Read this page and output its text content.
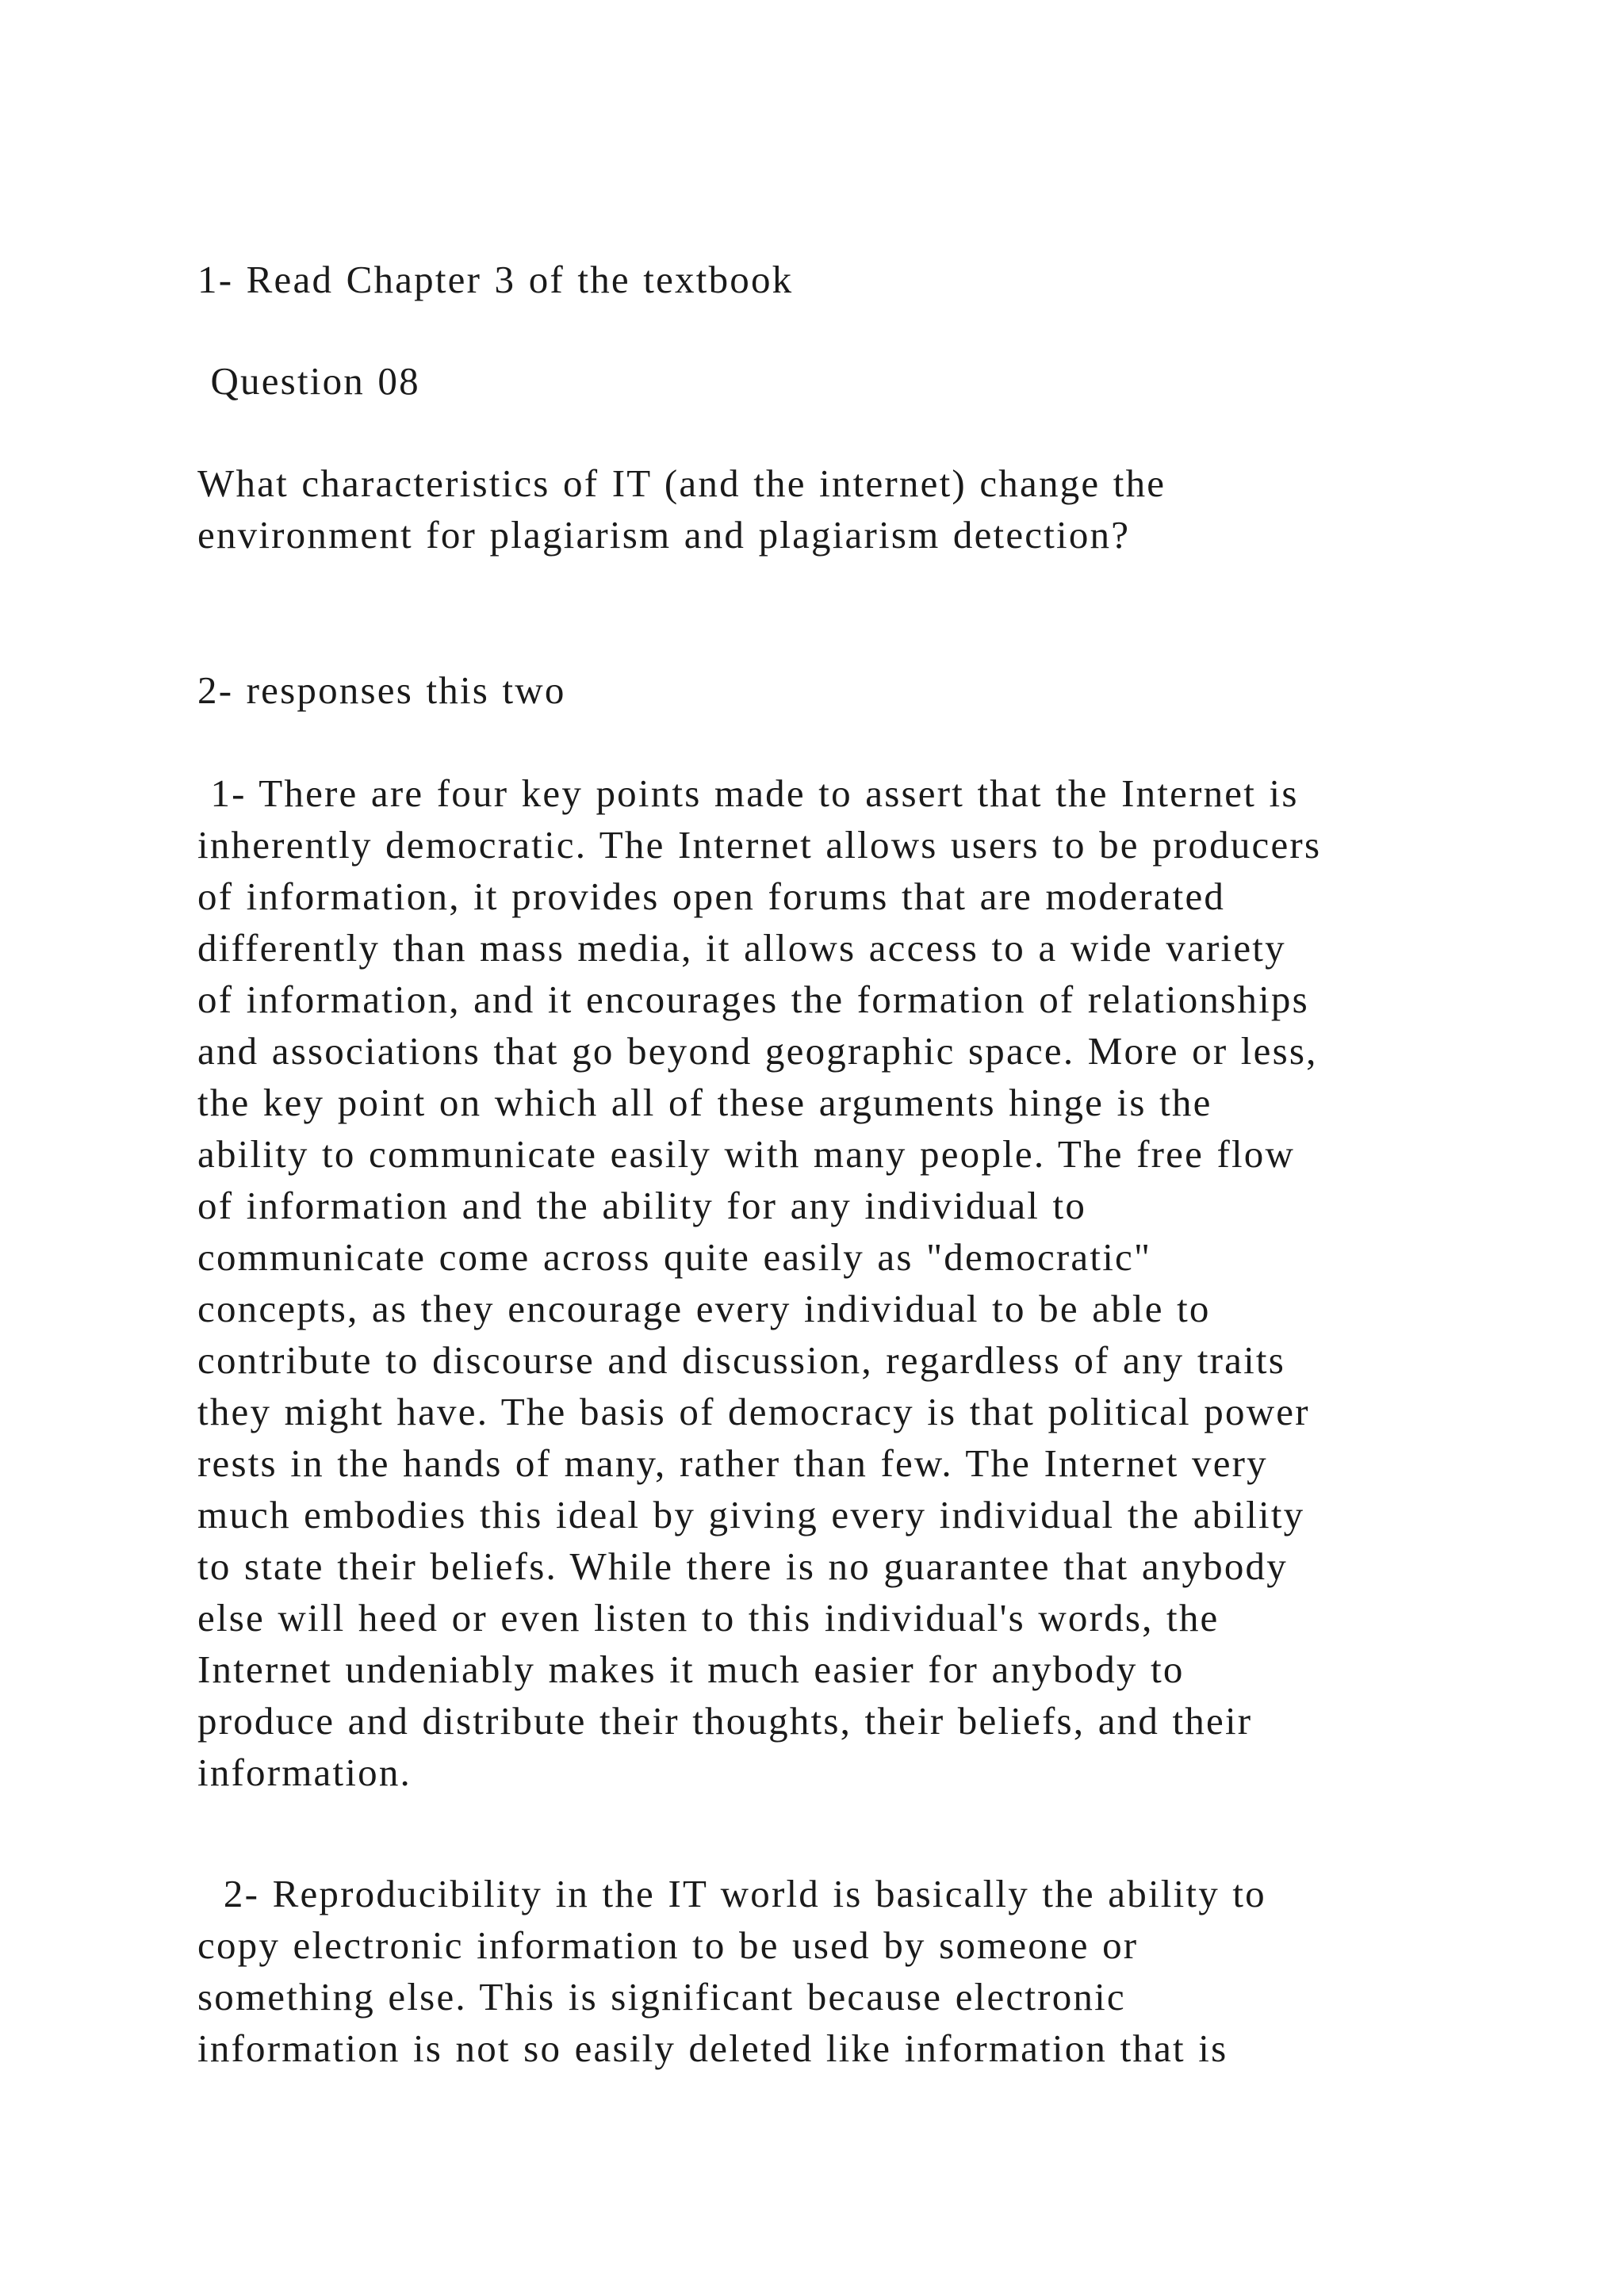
1- Read Chapter 3 of the textbook
Question 08
What characteristics of IT (and the internet) change the
environment for plagiarism and plagiarism detection?
2- responses this two
1- There are four key points made to assert that the Internet is
inherently democratic. The Internet allows users to be producers
of information, it provides open forums that are moderated
differently than mass media, it allows access to a wide variety
of information, and it encourages the formation of relationships
and associations that go beyond geographic space. More or less,
the key point on which all of these arguments hinge is the
ability to communicate easily with many people. The free flow
of information and the ability for any individual to
communicate come across quite easily as "democratic"
concepts, as they encourage every individual to be able to
contribute to discourse and discussion, regardless of any traits
they might have. The basis of democracy is that political power
rests in the hands of many, rather than few. The Internet very
much embodies this ideal by giving every individual the ability
to state their beliefs. While there is no guarantee that anybody
else will heed or even listen to this individual's words, the
Internet undeniably makes it much easier for anybody to
produce and distribute their thoughts, their beliefs, and their
information.
2- Reproducibility in the IT world is basically the ability to
copy electronic information to be used by someone or
something else. This is significant because electronic
information is not so easily deleted like information that is
